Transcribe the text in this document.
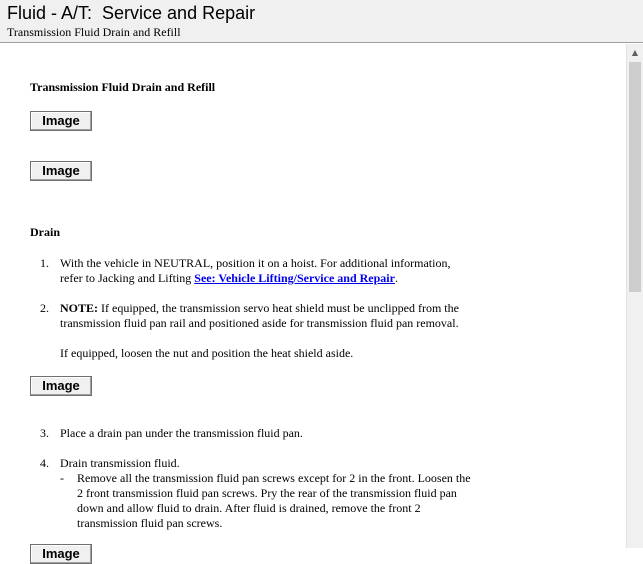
Fluid - A/T:  Service and Repair
Transmission Fluid Drain and Refill
Transmission Fluid Drain and Refill
Image
Image
Drain
1. With the vehicle in NEUTRAL, position it on a hoist. For additional information,
refer to Jacking and Lifting See: Vehicle Lifting/Service and Repair.
2. NOTE: If equipped, the transmission servo heat shield must be unclipped from the
transmission fluid pan rail and positioned aside for transmission fluid pan removal.
If equipped, loosen the nut and position the heat shield aside.
Image
3. Place a drain pan under the transmission fluid pan.
4. Drain transmission fluid.
- Remove all the transmission fluid pan screws except for 2 in the front. Loosen the
2 front transmission fluid pan screws. Pry the rear of the transmission fluid pan
down and allow fluid to drain. After fluid is drained, remove the front 2
transmission fluid pan screws.
Image
▲
